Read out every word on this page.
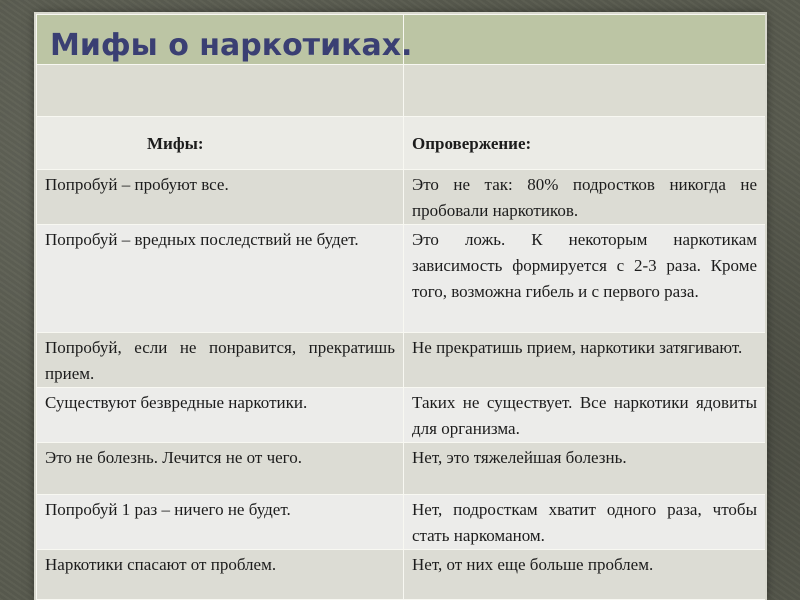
Мифы о наркотиках.

Мифы:	Опровержение:
Попробуй – пробуют все.	Это не так: 80% подростков никогда не пробовали наркотиков.
Попробуй – вредных последствий не будет.	Это ложь. К некоторым наркотикам зависимость формируется с 2-3 раза. Кроме того, возможна гибель и с первого раза.
Попробуй, если не понравится, прекратишь прием.	Не прекратишь прием, наркотики затягивают.
Существуют безвредные наркотики.	Таких не существует. Все наркотики ядовиты для организма.
Это не болезнь. Лечится не от чего.	Нет, это тяжелейшая болезнь.
Попробуй 1 раз – ничего не будет.	Нет, подросткам хватит одного раза, чтобы стать наркоманом.
Наркотики спасают от проблем.	Нет, от них еще больше проблем.
